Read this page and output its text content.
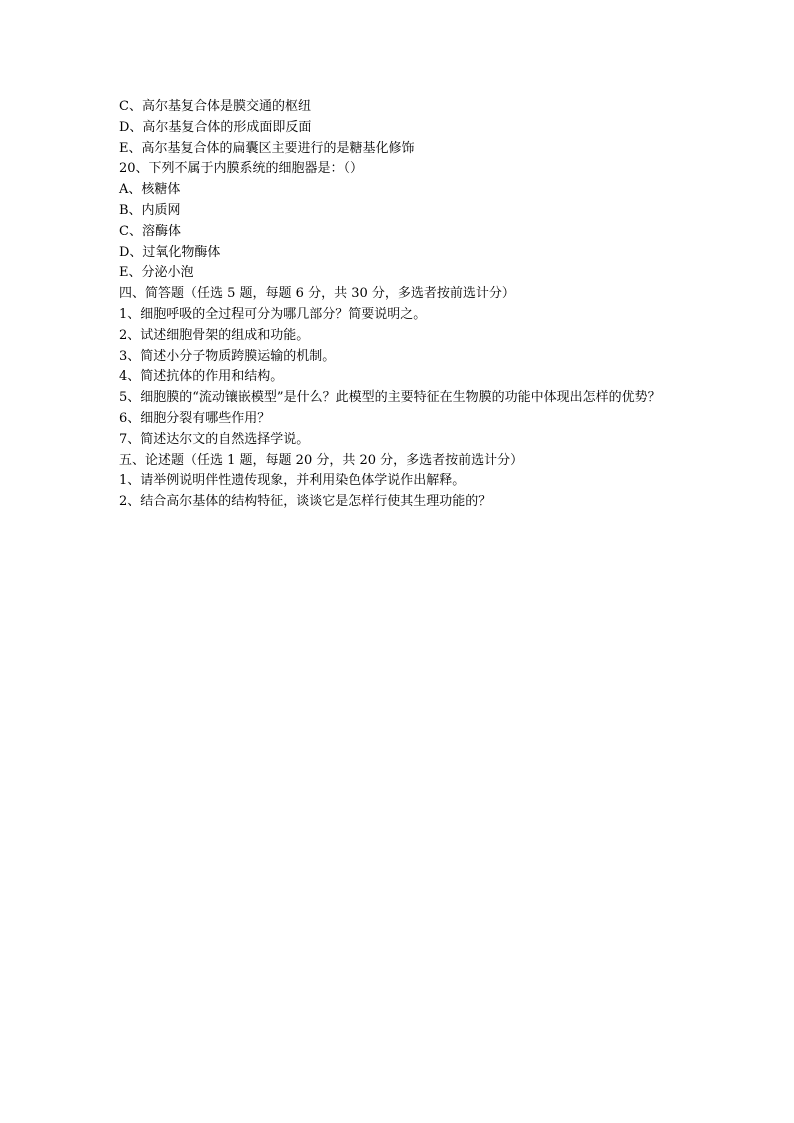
C、高尔基复合体是膜交通的枢纽

D、高尔基复合体的形成面即反面

E、高尔基复合体的扁囊区主要进行的是糖基化修饰

20、下列不属于内膜系统的细胞器是：（）

A、核糖体

B、内质网

C、溶酶体

D、过氧化物酶体

E、分泌小泡

四、简答题（任选 5 题，每题 6 分，共 30 分，多选者按前选计分）

1、细胞呼吸的全过程可分为哪几部分？简要说明之。

2、试述细胞骨架的组成和功能。

3、简述小分子物质跨膜运输的机制。

4、简述抗体的作用和结构。

5、细胞膜的“流动镶嵌模型”是什么？此模型的主要特征在生物膜的功能中体现出怎样的优势？

6、细胞分裂有哪些作用？

7、简述达尔文的自然选择学说。

五、论述题（任选 1 题，每题 20 分，共 20 分，多选者按前选计分）

1、请举例说明伴性遗传现象，并利用染色体学说作出解释。

2、结合高尔基体的结构特征，谈谈它是怎样行使其生理功能的？
